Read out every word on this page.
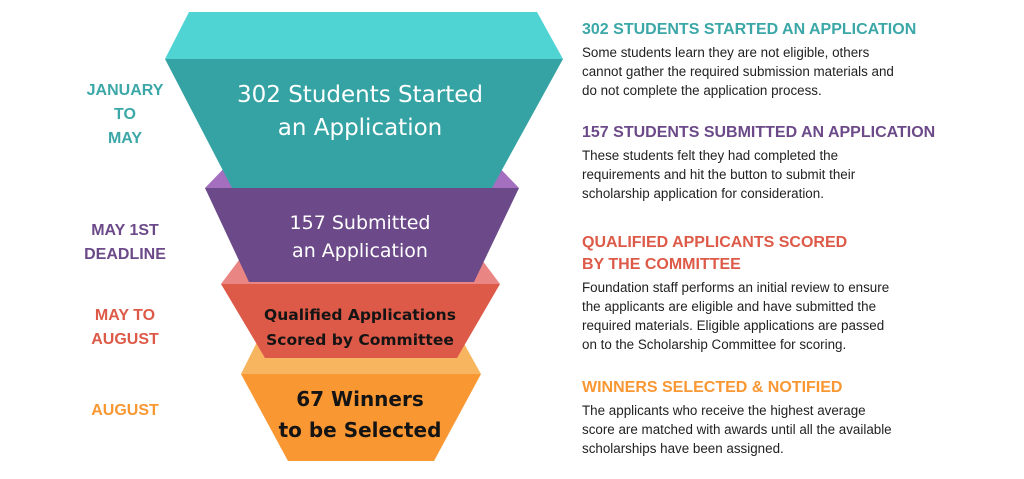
302 Students Started
an Application
157 Submitted
an Application
Qualified Applications
Scored by Committee
67 Winners
to be Selected
JANUARY
TO
MAY
MAY 1ST
DEADLINE
MAY TO
AUGUST
AUGUST
302 STUDENTS STARTED AN APPLICATION

Some students learn they are not eligible, others
cannot gather the required submission materials and
do not complete the application process.

157 STUDENTS SUBMITTED AN APPLICATION

These students felt they had completed the
requirements and hit the button to submit their
scholarship application for consideration.

QUALIFIED APPLICANTS SCORED
BY THE COMMITTEE

Foundation staff performs an initial review to ensure
the applicants are eligible and have submitted the
required materials. Eligible applications are passed
on to the Scholarship Committee for scoring.

WINNERS SELECTED & NOTIFIED

The applicants who receive the highest average
score are matched with awards until all the available
scholarships have been assigned.
